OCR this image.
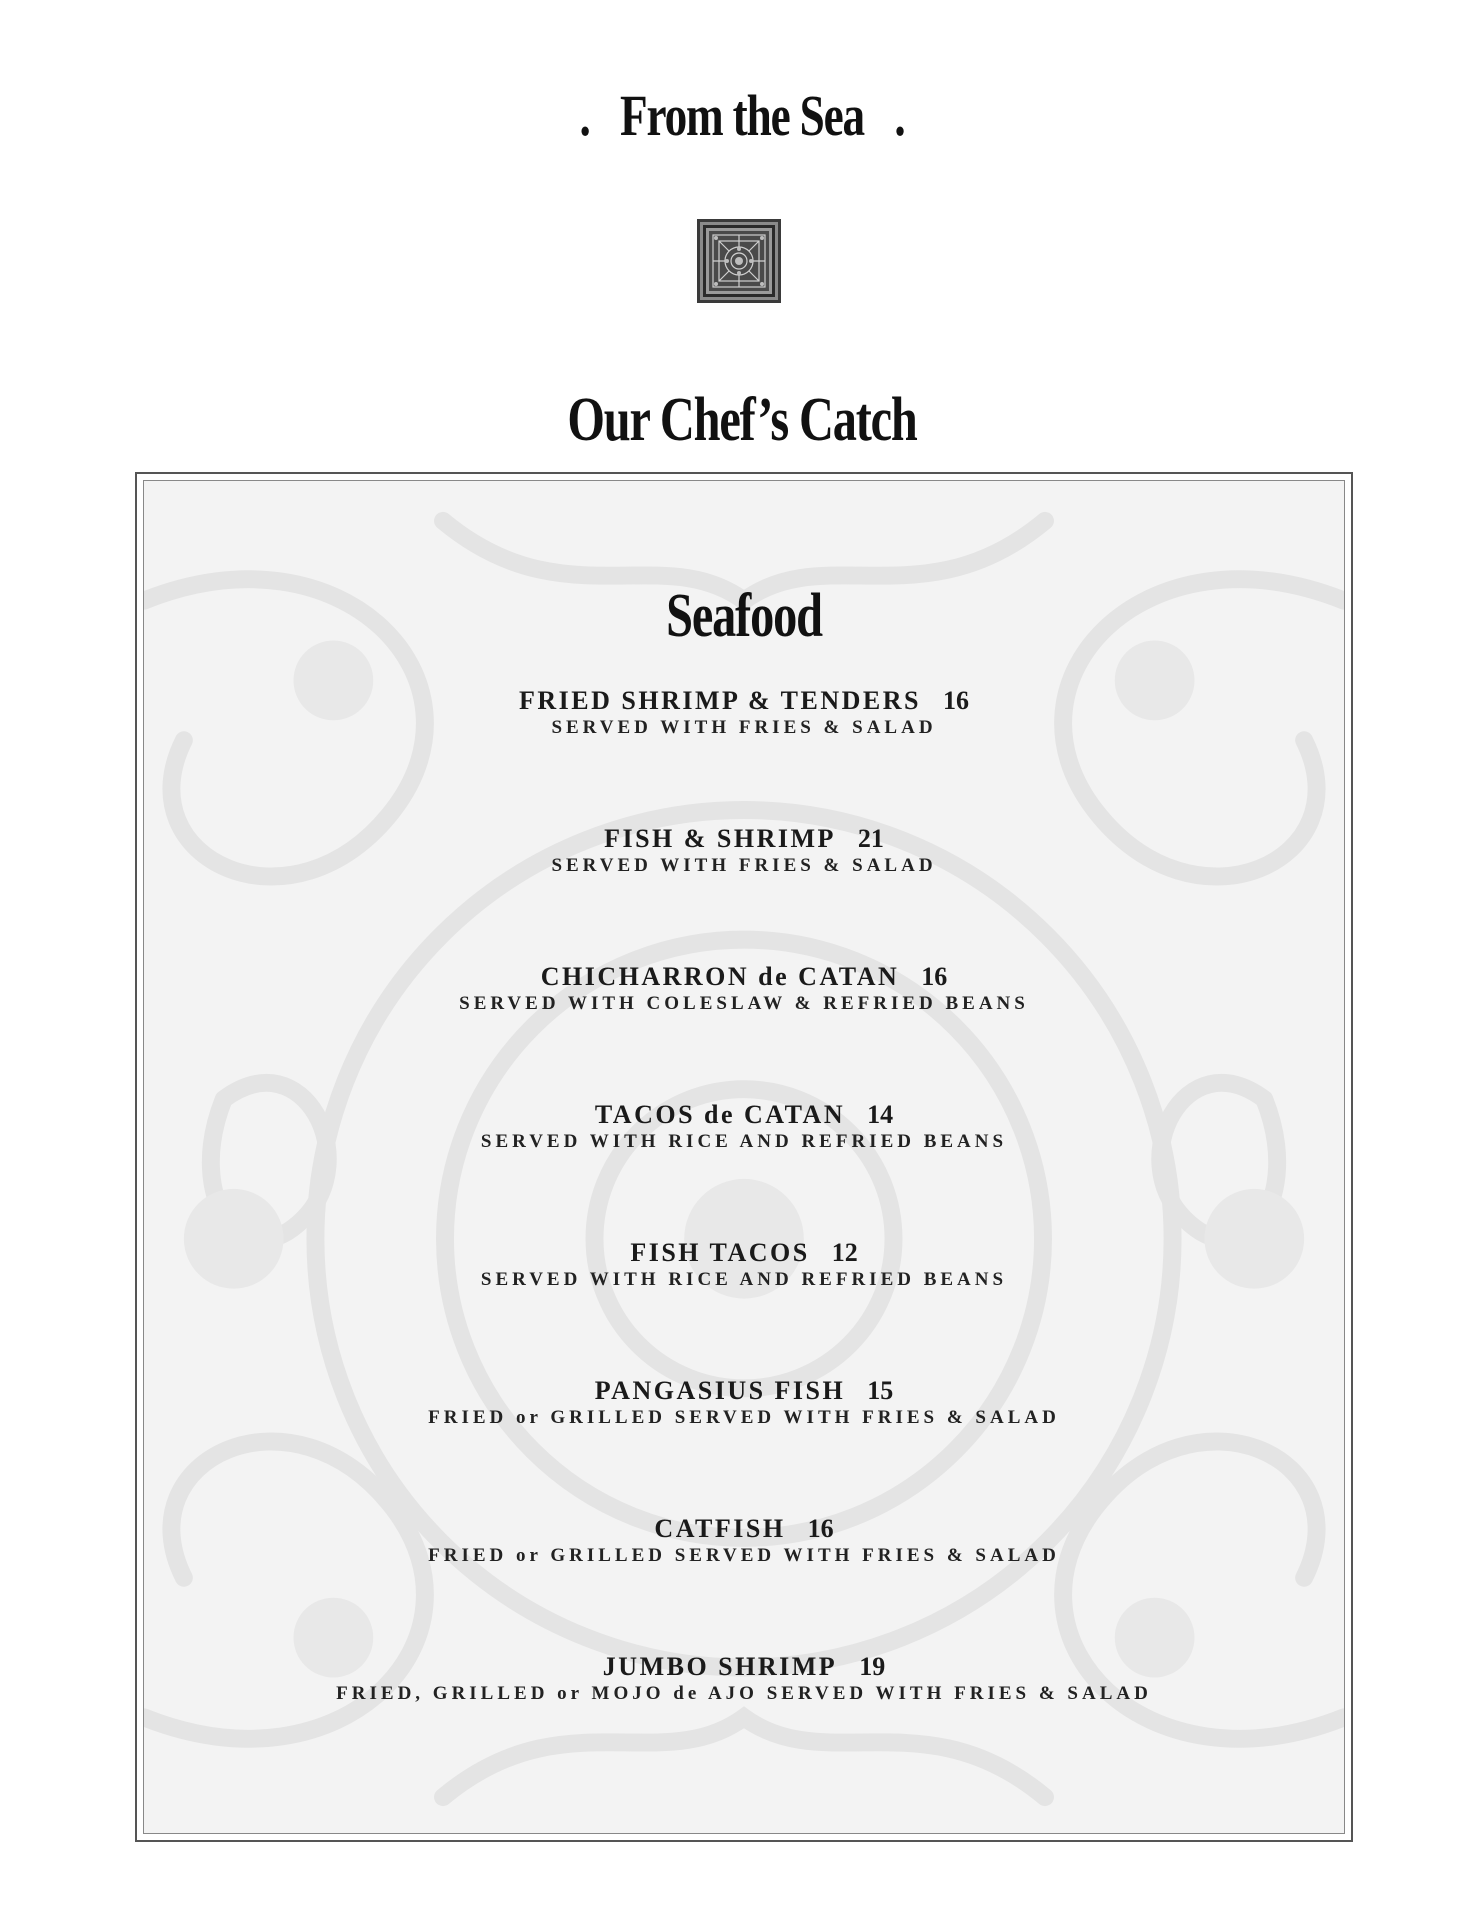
.   From the Sea   .
Our Chef’s Catch
Seafood
FRIED SHRIMP & TENDERS 16
SERVED WITH FRIES & SALAD
FISH & SHRIMP 21
SERVED WITH FRIES & SALAD
CHICHARRON de CATAN 16
SERVED WITH COLESLAW & REFRIED BEANS
TACOS de CATAN 14
SERVED WITH RICE AND REFRIED BEANS
FISH TACOS 12
SERVED WITH RICE AND REFRIED BEANS
PANGASIUS FISH 15
FRIED or GRILLED SERVED WITH FRIES & SALAD
CATFISH 16
FRIED or GRILLED SERVED WITH FRIES & SALAD
JUMBO SHRIMP 19
FRIED, GRILLED or MOJO de AJO SERVED WITH FRIES & SALAD
